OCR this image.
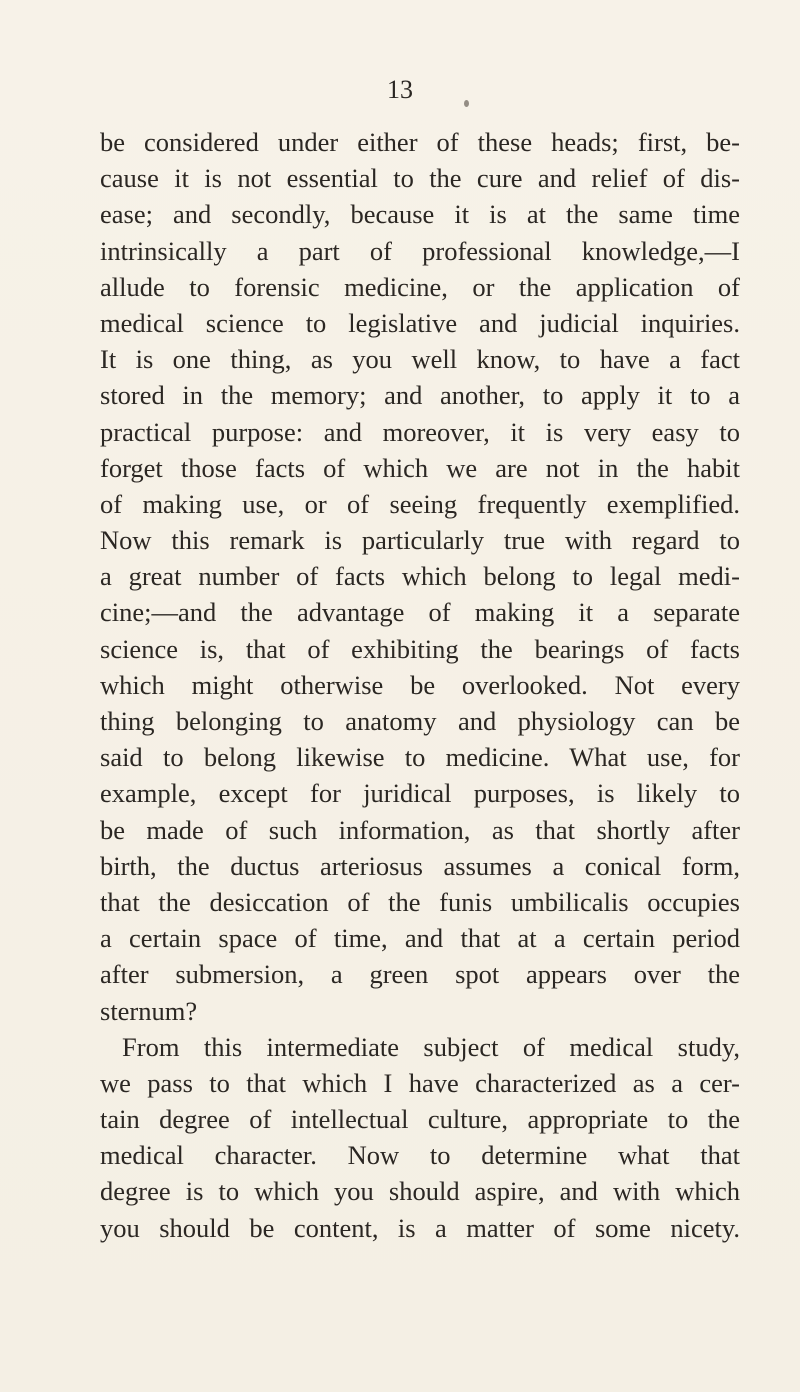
13
be considered under either of these heads; first, be-
cause it is not essential to the cure and relief of dis-
ease; and secondly, because it is at the same time
intrinsically a part of professional knowledge,—I
allude to forensic medicine, or the application of
medical science to legislative and judicial inquiries.
It is one thing, as you well know, to have a fact
stored in the memory; and another, to apply it to a
practical purpose: and moreover, it is very easy to
forget those facts of which we are not in the habit
of making use, or of seeing frequently exemplified.
Now this remark is particularly true with regard to
a great number of facts which belong to legal medi-
cine;—and the advantage of making it a separate
science is, that of exhibiting the bearings of facts
which might otherwise be overlooked. Not every
thing belonging to anatomy and physiology can be
said to belong likewise to medicine. What use, for
example, except for juridical purposes, is likely to
be made of such information, as that shortly after
birth, the ductus arteriosus assumes a conical form,
that the desiccation of the funis umbilicalis occupies
a certain space of time, and that at a certain period
after submersion, a green spot appears over the
sternum?
From this intermediate subject of medical study,
we pass to that which I have characterized as a cer-
tain degree of intellectual culture, appropriate to the
medical character. Now to determine what that
degree is to which you should aspire, and with which
you should be content, is a matter of some nicety.
